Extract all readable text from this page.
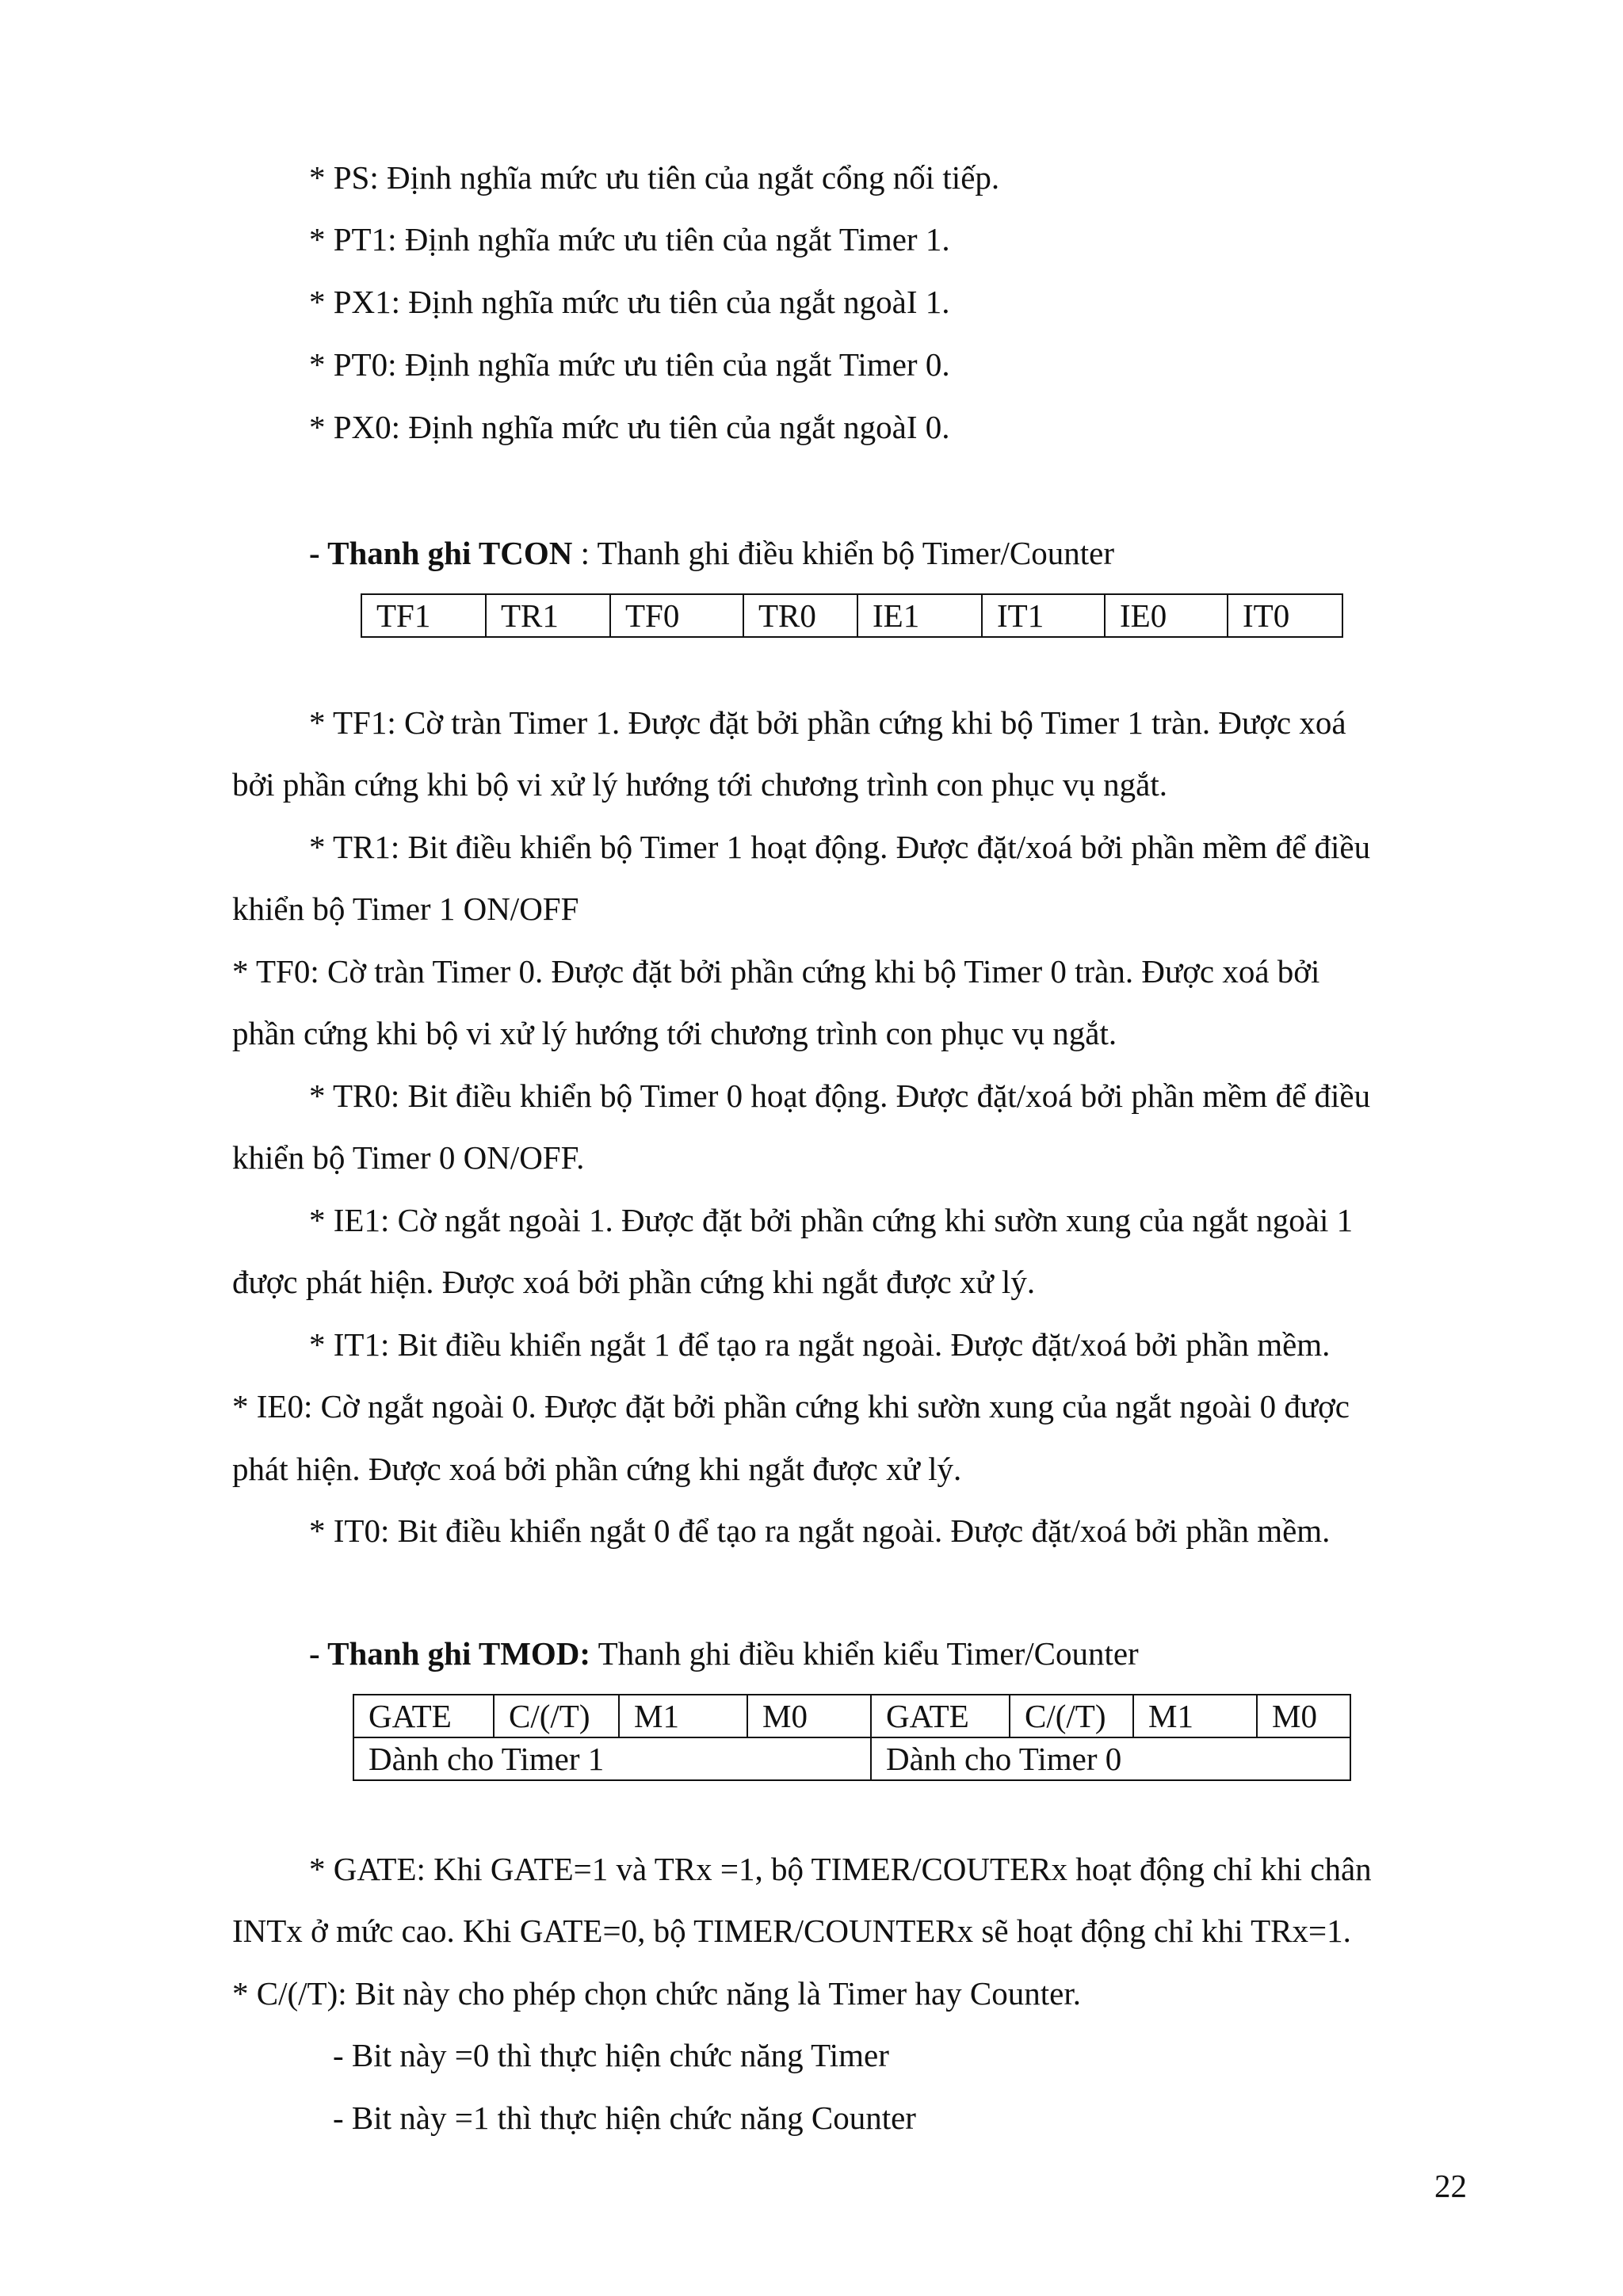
* PS: Định nghĩa mức ưu tiên của ngắt cổng nối tiếp.
* PT1: Định nghĩa mức ưu tiên của ngắt Timer 1.
* PX1: Định nghĩa mức ưu tiên của ngắt ngoàI 1.
* PT0: Định nghĩa mức ưu tiên của ngắt Timer 0.
* PX0: Định nghĩa mức ưu tiên của ngắt ngoàI 0.
- Thanh ghi TCON : Thanh ghi điều khiển bộ Timer/Counter
TF1	TR1	TF0	TR0	IE1	IT1	IE0	IT0
* TF1: Cờ tràn Timer 1. Được đặt bởi phần cứng khi bộ Timer 1 tràn. Được xoá
bởi phần cứng khi bộ vi xử lý hướng tới chương trình con phục vụ ngắt.
* TR1: Bit điều khiển bộ Timer 1 hoạt động. Được đặt/xoá bởi phần mềm để điều
khiển bộ Timer 1 ON/OFF
* TF0: Cờ tràn Timer 0. Được đặt bởi phần cứng khi bộ Timer 0 tràn. Được xoá bởi
phần cứng khi bộ vi xử lý hướng tới chương trình con phục vụ ngắt.
* TR0: Bit điều khiển bộ Timer 0 hoạt động. Được đặt/xoá bởi phần mềm để điều
khiển bộ Timer 0 ON/OFF.
* IE1: Cờ ngắt ngoài 1. Được đặt bởi phần cứng khi sườn xung của ngắt ngoài 1
được phát hiện. Được xoá bởi phần cứng khi ngắt được xử lý.
* IT1: Bit điều khiển ngắt 1 để tạo ra ngắt ngoài. Được đặt/xoá bởi phần mềm.
* IE0: Cờ ngắt ngoài 0. Được đặt bởi phần cứng khi sườn xung của ngắt ngoài 0 được
phát hiện. Được xoá bởi phần cứng khi ngắt được xử lý.
* IT0: Bit điều khiển ngắt 0 để tạo ra ngắt ngoài. Được đặt/xoá bởi phần mềm.
- Thanh ghi TMOD: Thanh ghi điều khiển kiểu Timer/Counter
GATE	C/(/T)	M1	M0	GATE	C/(/T)	M1	M0
Dành cho Timer 1				Dành cho Timer 0			
* GATE: Khi GATE=1 và TRx =1, bộ TIMER/COUTERx hoạt động chỉ khi chân
INTx ở mức cao. Khi GATE=0, bộ TIMER/COUNTERx sẽ hoạt động chỉ khi TRx=1.
* C/(/T): Bit này cho phép chọn chức năng là Timer hay Counter.
- Bit này =0 thì thực hiện chức năng Timer
- Bit này =1 thì thực hiện chức năng Counter
22
